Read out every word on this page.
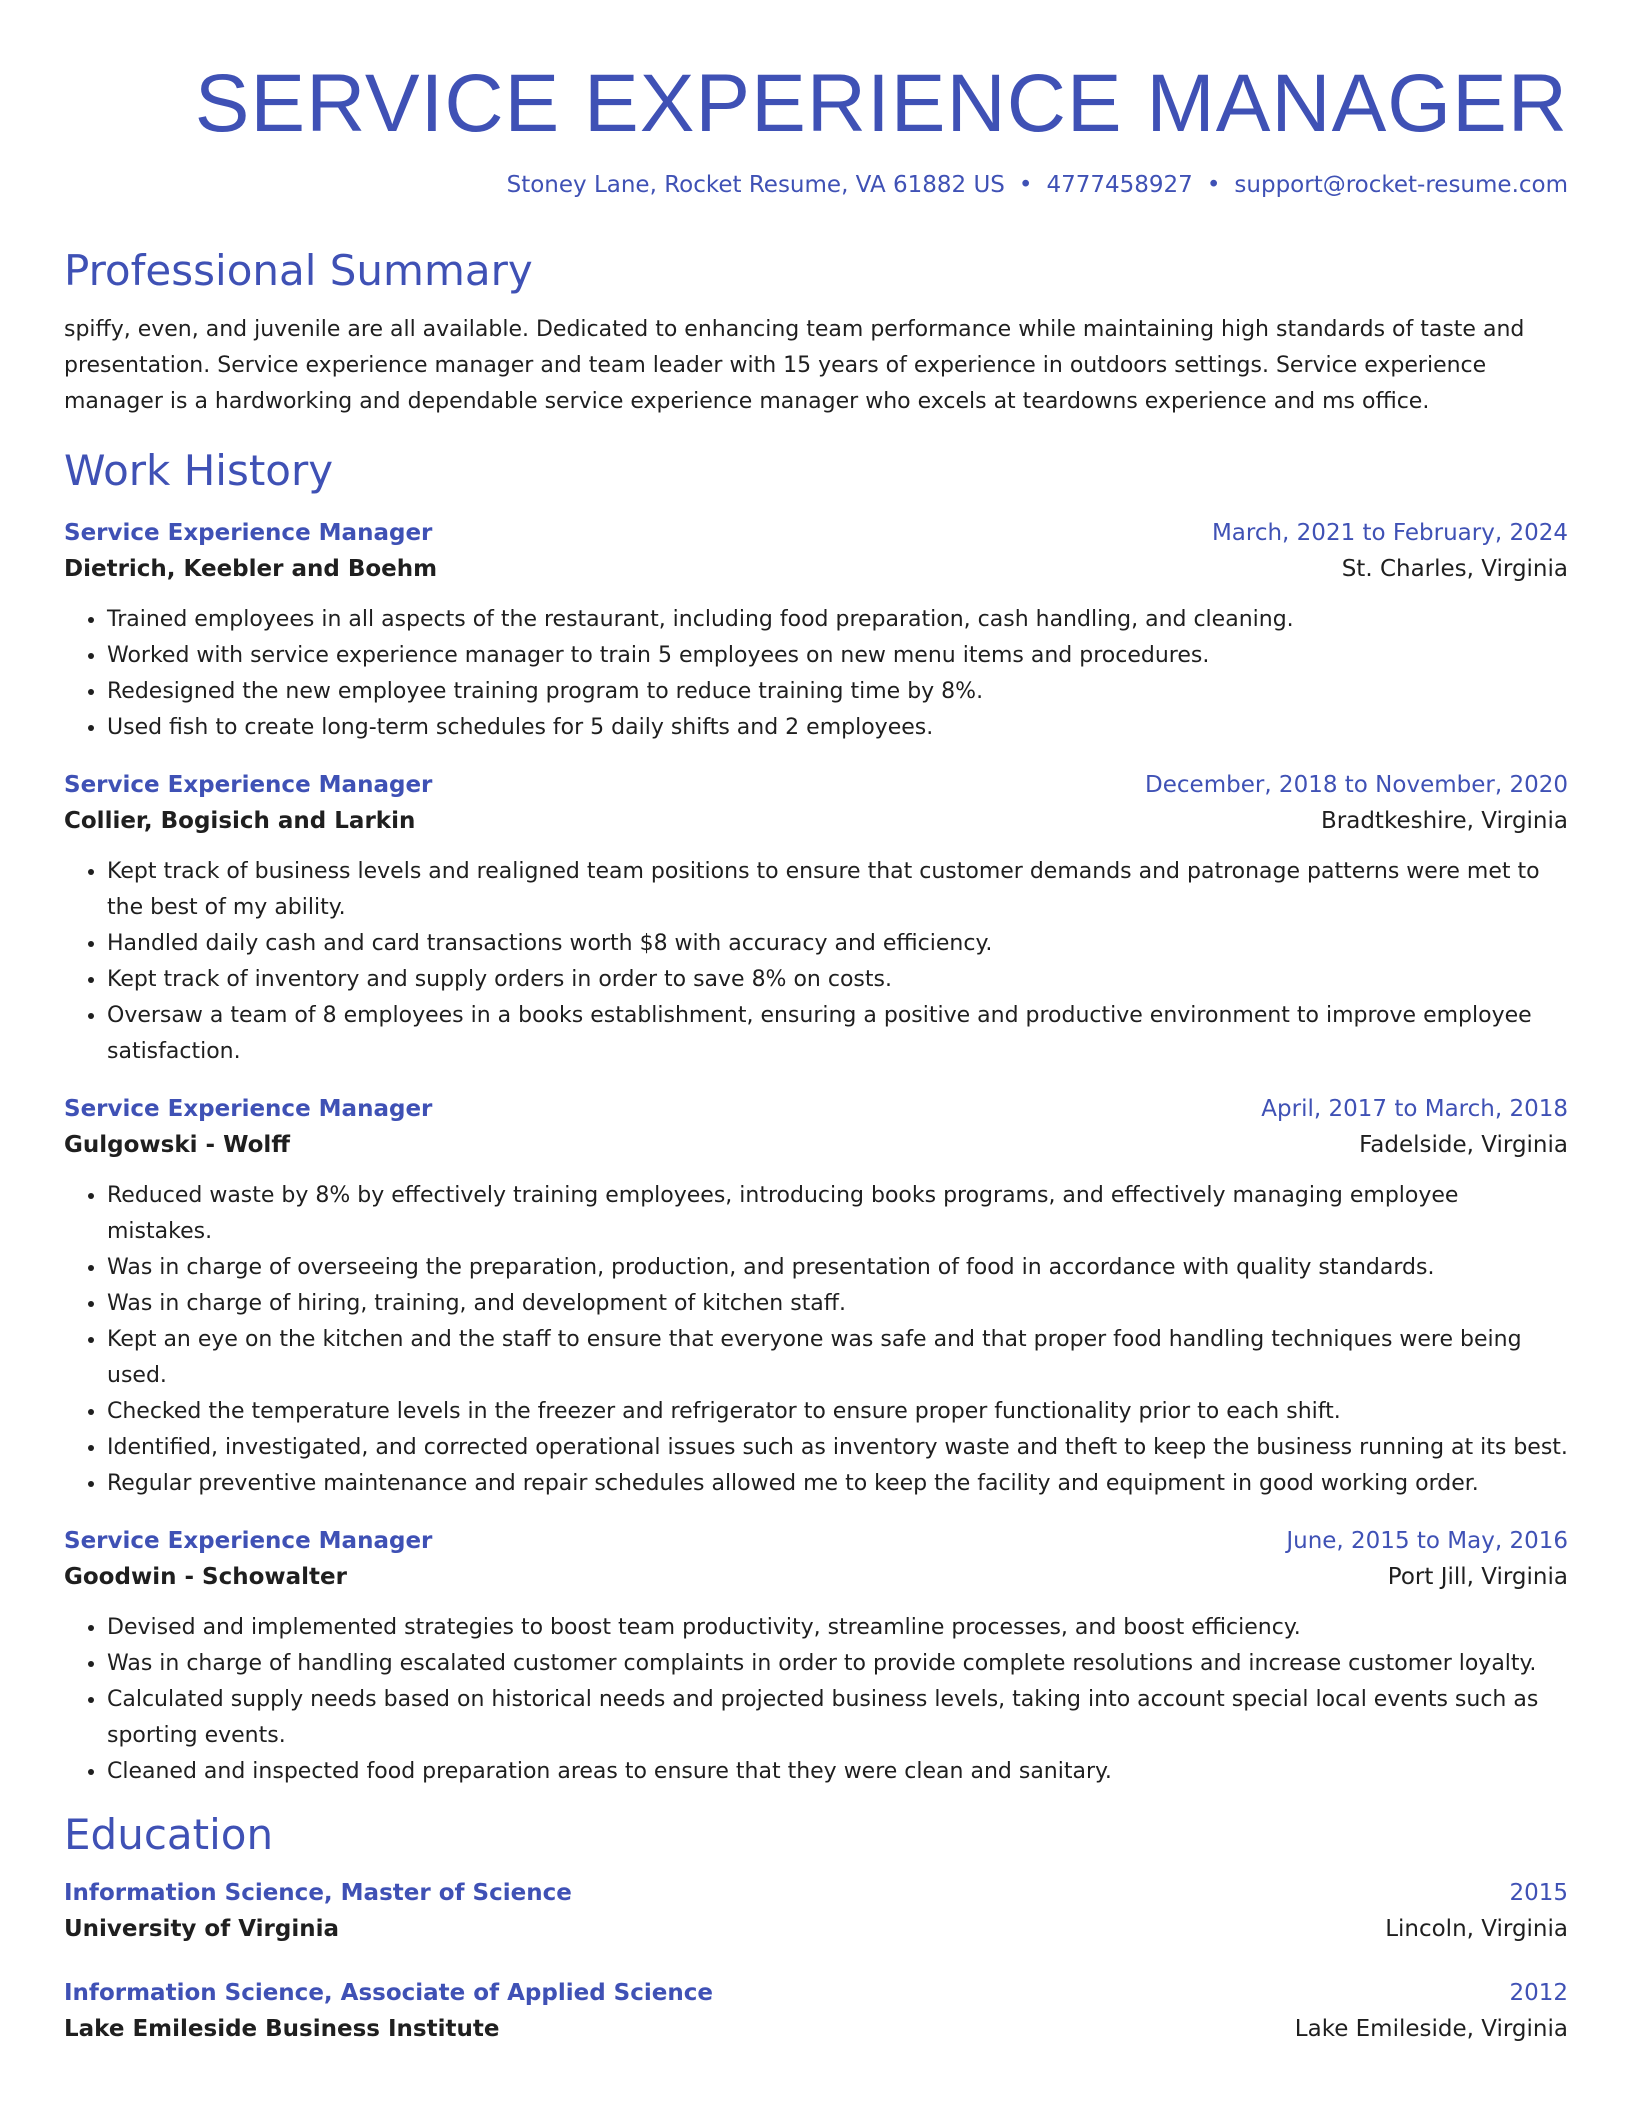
SERVICE EXPERIENCE MANAGER
Stoney Lane, Rocket Resume, VA 61882 US • 4777458927 • support@rocket-resume.com
Professional Summary
spiffy, even, and juvenile are all available. Dedicated to enhancing team performance while maintaining high standards of taste and presentation. Service experience manager and team leader with 15 years of experience in outdoors settings. Service experience manager is a hardworking and dependable service experience manager who excels at teardowns experience and ms office.
Work History
Service Experience Manager	March, 2021 to February, 2024
Dietrich, Keebler and Boehm	St. Charles, Virginia
• Trained employees in all aspects of the restaurant, including food preparation, cash handling, and cleaning.
• Worked with service experience manager to train 5 employees on new menu items and procedures.
• Redesigned the new employee training program to reduce training time by 8%.
• Used fish to create long-term schedules for 5 daily shifts and 2 employees.
Service Experience Manager	December, 2018 to November, 2020
Collier, Bogisich and Larkin	Bradtkeshire, Virginia
• Kept track of business levels and realigned team positions to ensure that customer demands and patronage patterns were met to the best of my ability.
• Handled daily cash and card transactions worth $8 with accuracy and efficiency.
• Kept track of inventory and supply orders in order to save 8% on costs.
• Oversaw a team of 8 employees in a books establishment, ensuring a positive and productive environment to improve employee satisfaction.
Service Experience Manager	April, 2017 to March, 2018
Gulgowski - Wolff	Fadelside, Virginia
• Reduced waste by 8% by effectively training employees, introducing books programs, and effectively managing employee mistakes.
• Was in charge of overseeing the preparation, production, and presentation of food in accordance with quality standards.
• Was in charge of hiring, training, and development of kitchen staff.
• Kept an eye on the kitchen and the staff to ensure that everyone was safe and that proper food handling techniques were being used.
• Checked the temperature levels in the freezer and refrigerator to ensure proper functionality prior to each shift.
• Identified, investigated, and corrected operational issues such as inventory waste and theft to keep the business running at its best.
• Regular preventive maintenance and repair schedules allowed me to keep the facility and equipment in good working order.
Service Experience Manager	June, 2015 to May, 2016
Goodwin - Schowalter	Port Jill, Virginia
• Devised and implemented strategies to boost team productivity, streamline processes, and boost efficiency.
• Was in charge of handling escalated customer complaints in order to provide complete resolutions and increase customer loyalty.
• Calculated supply needs based on historical needs and projected business levels, taking into account special local events such as sporting events.
• Cleaned and inspected food preparation areas to ensure that they were clean and sanitary.
Education
Information Science, Master of Science	2015
University of Virginia	Lincoln, Virginia
Information Science, Associate of Applied Science	2012
Lake Emileside Business Institute	Lake Emileside, Virginia
